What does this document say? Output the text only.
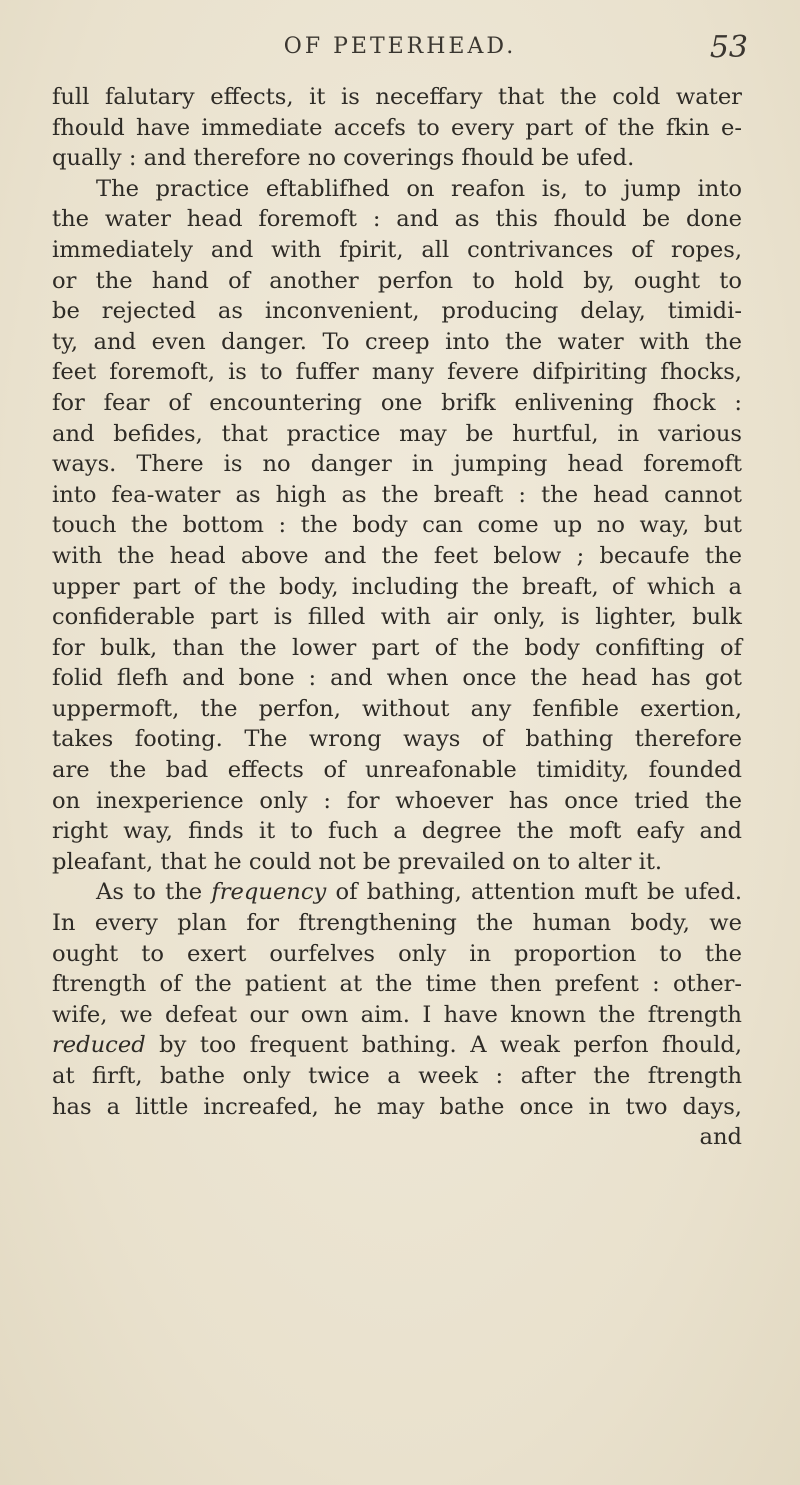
OF PETERHEAD.	53
full falutary effects, it is neceffary that the cold water
fhould have immediate accefs to every part of the fkin e-
qually : and therefore no coverings fhould be ufed.
The practice eftablifhed on reafon is, to jump into
the water head foremoft : and as this fhould be done
immediately and with fpirit, all contrivances of ropes,
or the hand of another perfon to hold by, ought to
be rejected as inconvenient, producing delay, timidi-
ty, and even danger. To creep into the water with the
feet foremoft, is to fuffer many fevere difpiriting fhocks,
for fear of encountering one brifk enlivening fhock :
and befides, that practice may be hurtful, in various
ways. There is no danger in jumping head foremoft
into fea-water as high as the breaft : the head cannot
touch the bottom : the body can come up no way, but
with the head above and the feet below ; becaufe the
upper part of the body, including the breaft, of which a
confiderable part is filled with air only, is lighter, bulk
for bulk, than the lower part of the body confifting of
folid flefh and bone : and when once the head has got
uppermoft, the perfon, without any fenfible exertion,
takes footing. The wrong ways of bathing therefore
are the bad effects of unreafonable timidity, founded
on inexperience only : for whoever has once tried the
right way, finds it to fuch a degree the moft eafy and
pleafant, that he could not be prevailed on to alter it.
As to the frequency of bathing, attention muft be ufed.
In every plan for ftrengthening the human body, we
ought to exert ourfelves only in proportion to the
ftrength of the patient at the time then prefent : other-
wife, we defeat our own aim. I have known the ftrength
reduced by too frequent bathing. A weak perfon fhould,
at firft, bathe only twice a week : after the ftrength
has a little increafed, he may bathe once in two days,
and
